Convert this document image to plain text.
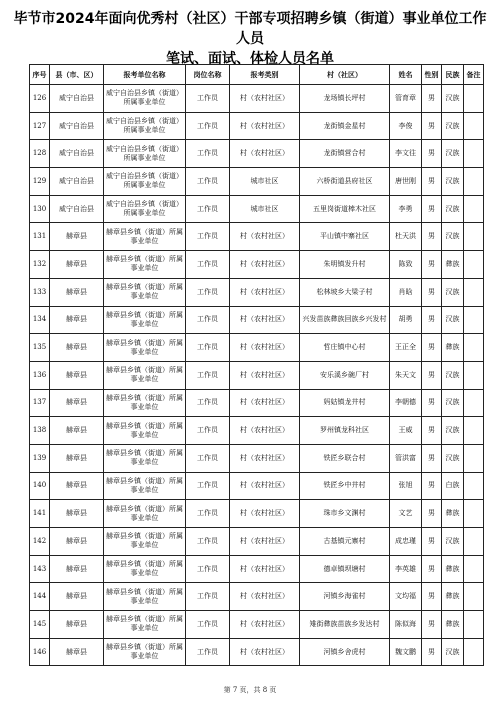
毕节市2024年面向优秀村（社区）干部专项招聘乡镇（街道）事业单位工作人员
笔试、面试、体检人员名单
序号	县（市、区）	报考单位名称	岗位名称	报考类别	村（社区）	姓名	性别	民族	备注
126	威宁自治县	威宁自治县乡镇（街道）所属事业单位	工作员	村（农村社区）	龙场镇长坪村	管育章	男	汉族	
127	威宁自治县	威宁自治县乡镇（街道）所属事业单位	工作员	村（农村社区）	龙街镇金星村	李俊	男	汉族	
128	威宁自治县	威宁自治县乡镇（街道）所属事业单位	工作员	村（农村社区）	龙街镇营合村	李文往	男	汉族	
129	威宁自治县	威宁自治县乡镇（街道）所属事业单位	工作员	城市社区	六桥街道县府社区	唐世刚	男	汉族	
130	威宁自治县	威宁自治县乡镇（街道）所属事业单位	工作员	城市社区	五里岗街道棒木社区	李勇	男	汉族	
131	赫章县	赫章县乡镇（街道）所属事业单位	工作员	村（农村社区）	平山镇中寨社区	杜天洪	男	汉族	
132	赫章县	赫章县乡镇（街道）所属事业单位	工作员	村（农村社区）	朱明镇发升村	陈致	男	彝族	
133	赫章县	赫章县乡镇（街道）所属事业单位	工作员	村（农村社区）	松林坡乡大梁子村	肖晗	男	汉族	
134	赫章县	赫章县乡镇（街道）所属事业单位	工作员	村（农村社区）	兴发苗族彝族回族乡兴发村	胡勇	男	汉族	
135	赫章县	赫章县乡镇（街道）所属事业单位	工作员	村（农村社区）	哲庄镇中心村	王正全	男	彝族	
136	赫章县	赫章县乡镇（街道）所属事业单位	工作员	村（农村社区）	安乐溪乡碗厂村	朱天文	男	汉族	
137	赫章县	赫章县乡镇（街道）所属事业单位	工作员	村（农村社区）	妈姑镇龙井村	李朝德	男	汉族	
138	赫章县	赫章县乡镇（街道）所属事业单位	工作员	村（农村社区）	罗州镇龙科社区	王威	男	汉族	
139	赫章县	赫章县乡镇（街道）所属事业单位	工作员	村（农村社区）	铁匠乡联合村	管洪富	男	汉族	
140	赫章县	赫章县乡镇（街道）所属事业单位	工作员	村（农村社区）	铁匠乡中井村	张旭	男	白族	
141	赫章县	赫章县乡镇（街道）所属事业单位	工作员	村（农村社区）	珠市乡文渊村	文艺	男	彝族	
142	赫章县	赫章县乡镇（街道）所属事业单位	工作员	村（农村社区）	古基镇元寨村	成忠瑾	男	汉族	
143	赫章县	赫章县乡镇（街道）所属事业单位	工作员	村（农村社区）	德卓镇坝塘村	李英雄	男	彝族	
144	赫章县	赫章县乡镇（街道）所属事业单位	工作员	村（农村社区）	河镇乡海雀村	文均福	男	彝族	
145	赫章县	赫章县乡镇（街道）所属事业单位	工作员	村（农村社区）	雉街彝族苗族乡发达村	陈似海	男	彝族	
146	赫章县	赫章县乡镇（街道）所属事业单位	工作员	村（农村社区）	河镇乡舍虎村	魏文鹏	男	汉族	
第 7 页，共 8 页
